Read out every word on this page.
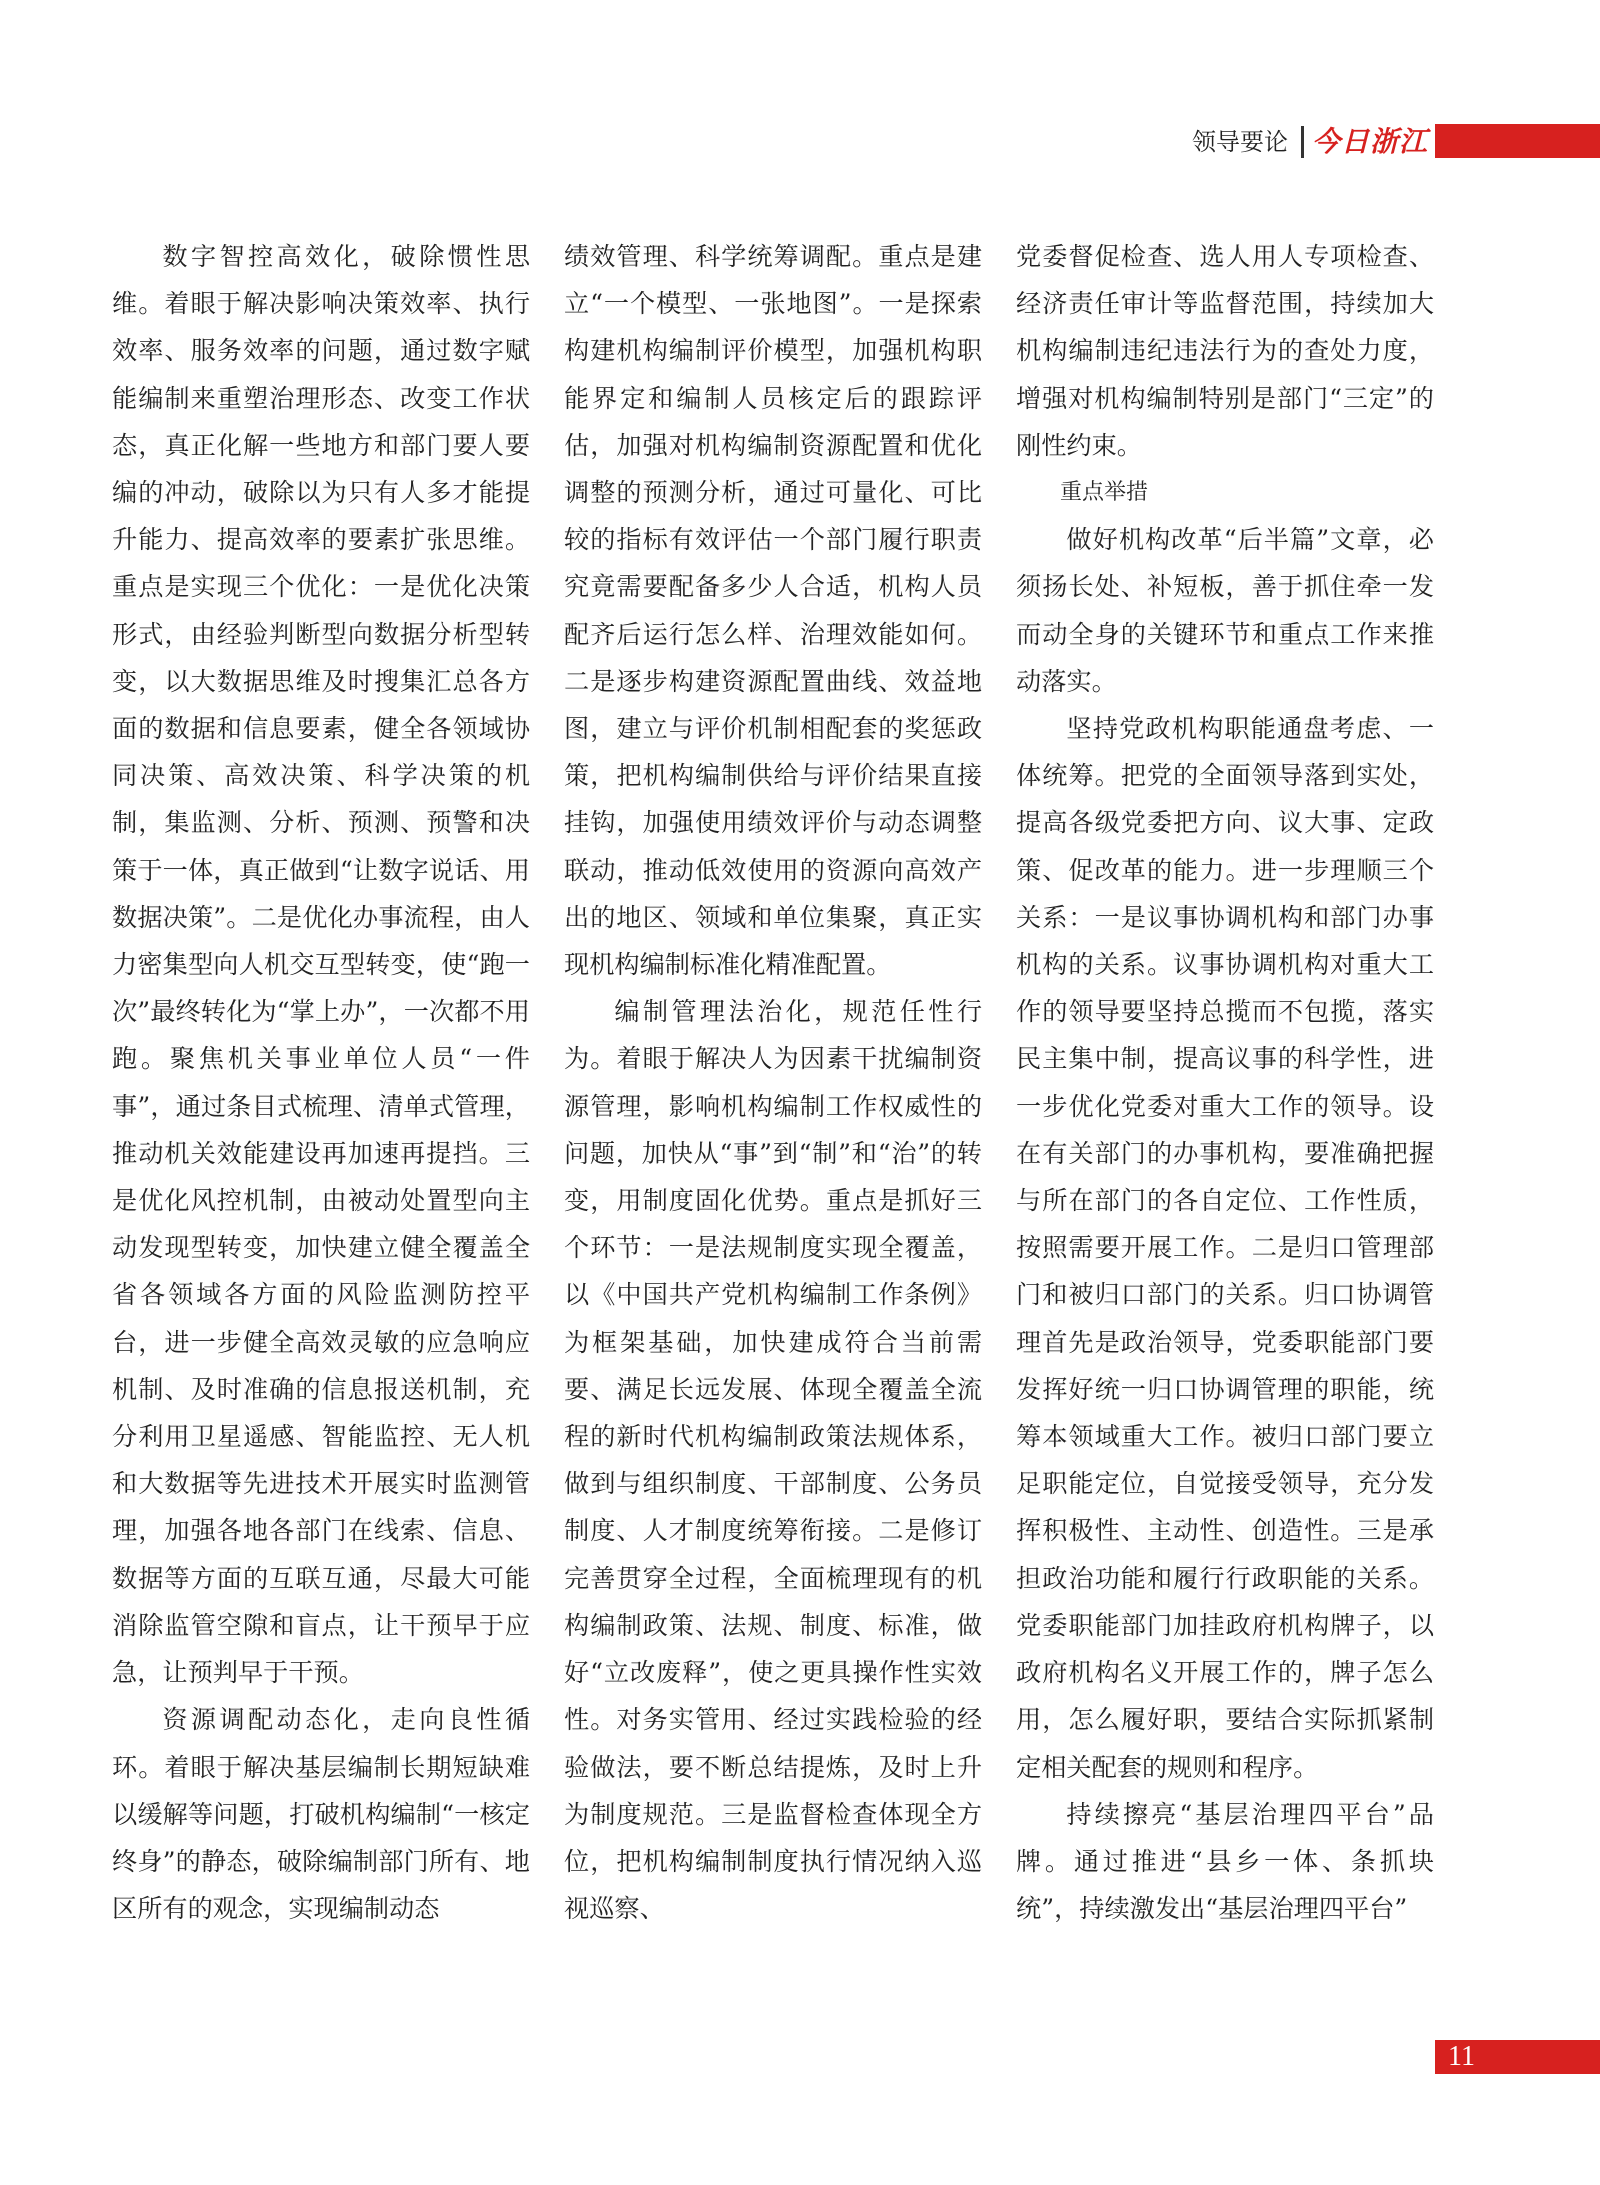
领导要论 今日浙江

数字智控高效化，破除惯性思维。着眼于解决影响决策效率、执行效率、服务效率的问题，通过数字赋能编制来重塑治理形态、改变工作状态，真正化解一些地方和部门要人要编的冲动，破除以为只有人多才能提升能力、提高效率的要素扩张思维。重点是实现三个优化：一是优化决策形式，由经验判断型向数据分析型转变，以大数据思维及时搜集汇总各方面的数据和信息要素，健全各领域协同决策、高效决策、科学决策的机制，集监测、分析、预测、预警和决策于一体，真正做到“让数字说话、用数据决策”。二是优化办事流程，由人力密集型向人机交互型转变，使“跑一次”最终转化为“掌上办”，一次都不用跑。聚焦机关事业单位人员“一件事”，通过条目式梳理、清单式管理，推动机关效能建设再加速再提挡。三是优化风控机制，由被动处置型向主动发现型转变，加快建立健全覆盖全省各领域各方面的风险监测防控平台，进一步健全高效灵敏的应急响应机制、及时准确的信息报送机制，充分利用卫星遥感、智能监控、无人机和大数据等先进技术开展实时监测管理，加强各地各部门在线索、信息、数据等方面的互联互通，尽最大可能消除监管空隙和盲点，让干预早于应急，让预判早于干预。

资源调配动态化，走向良性循环。着眼于解决基层编制长期短缺难以缓解等问题，打破机构编制“一核定终身”的静态，破除编制部门所有、地区所有的观念，实现编制动态

绩效管理、科学统筹调配。重点是建立“一个模型、一张地图”。一是探索构建机构编制评价模型，加强机构职能界定和编制人员核定后的跟踪评估，加强对机构编制资源配置和优化调整的预测分析，通过可量化、可比较的指标有效评估一个部门履行职责究竟需要配备多少人合适，机构人员配齐后运行怎么样、治理效能如何。二是逐步构建资源配置曲线、效益地图，建立与评价机制相配套的奖惩政策，把机构编制供给与评价结果直接挂钩，加强使用绩效评价与动态调整联动，推动低效使用的资源向高效产出的地区、领域和单位集聚，真正实现机构编制标准化精准配置。

编制管理法治化，规范任性行为。着眼于解决人为因素干扰编制资源管理，影响机构编制工作权威性的问题，加快从“事”到“制”和“治”的转变，用制度固化优势。重点是抓好三个环节：一是法规制度实现全覆盖，以《中国共产党机构编制工作条例》为框架基础，加快建成符合当前需要、满足长远发展、体现全覆盖全流程的新时代机构编制政策法规体系，做到与组织制度、干部制度、公务员制度、人才制度统筹衔接。二是修订完善贯穿全过程，全面梳理现有的机构编制政策、法规、制度、标准，做好“立改废释”，使之更具操作性实效性。对务实管用、经过实践检验的经验做法，要不断总结提炼，及时上升为制度规范。三是监督检查体现全方位，把机构编制制度执行情况纳入巡视巡察、

党委督促检查、选人用人专项检查、经济责任审计等监督范围，持续加大机构编制违纪违法行为的查处力度，增强对机构编制特别是部门“三定”的刚性约束。

重点举措

做好机构改革“后半篇”文章，必须扬长处、补短板，善于抓住牵一发而动全身的关键环节和重点工作来推动落实。

坚持党政机构职能通盘考虑、一体统筹。把党的全面领导落到实处，提高各级党委把方向、议大事、定政策、促改革的能力。进一步理顺三个关系：一是议事协调机构和部门办事机构的关系。议事协调机构对重大工作的领导要坚持总揽而不包揽，落实民主集中制，提高议事的科学性，进一步优化党委对重大工作的领导。设在有关部门的办事机构，要准确把握与所在部门的各自定位、工作性质，按照需要开展工作。二是归口管理部门和被归口部门的关系。归口协调管理首先是政治领导，党委职能部门要发挥好统一归口协调管理的职能，统筹本领域重大工作。被归口部门要立足职能定位，自觉接受领导，充分发挥积极性、主动性、创造性。三是承担政治功能和履行行政职能的关系。党委职能部门加挂政府机构牌子，以政府机构名义开展工作的，牌子怎么用，怎么履好职，要结合实际抓紧制定相关配套的规则和程序。

持续擦亮“基层治理四平台”品牌。通过推进“县乡一体、条抓块统”，持续激发出“基层治理四平台”

11
